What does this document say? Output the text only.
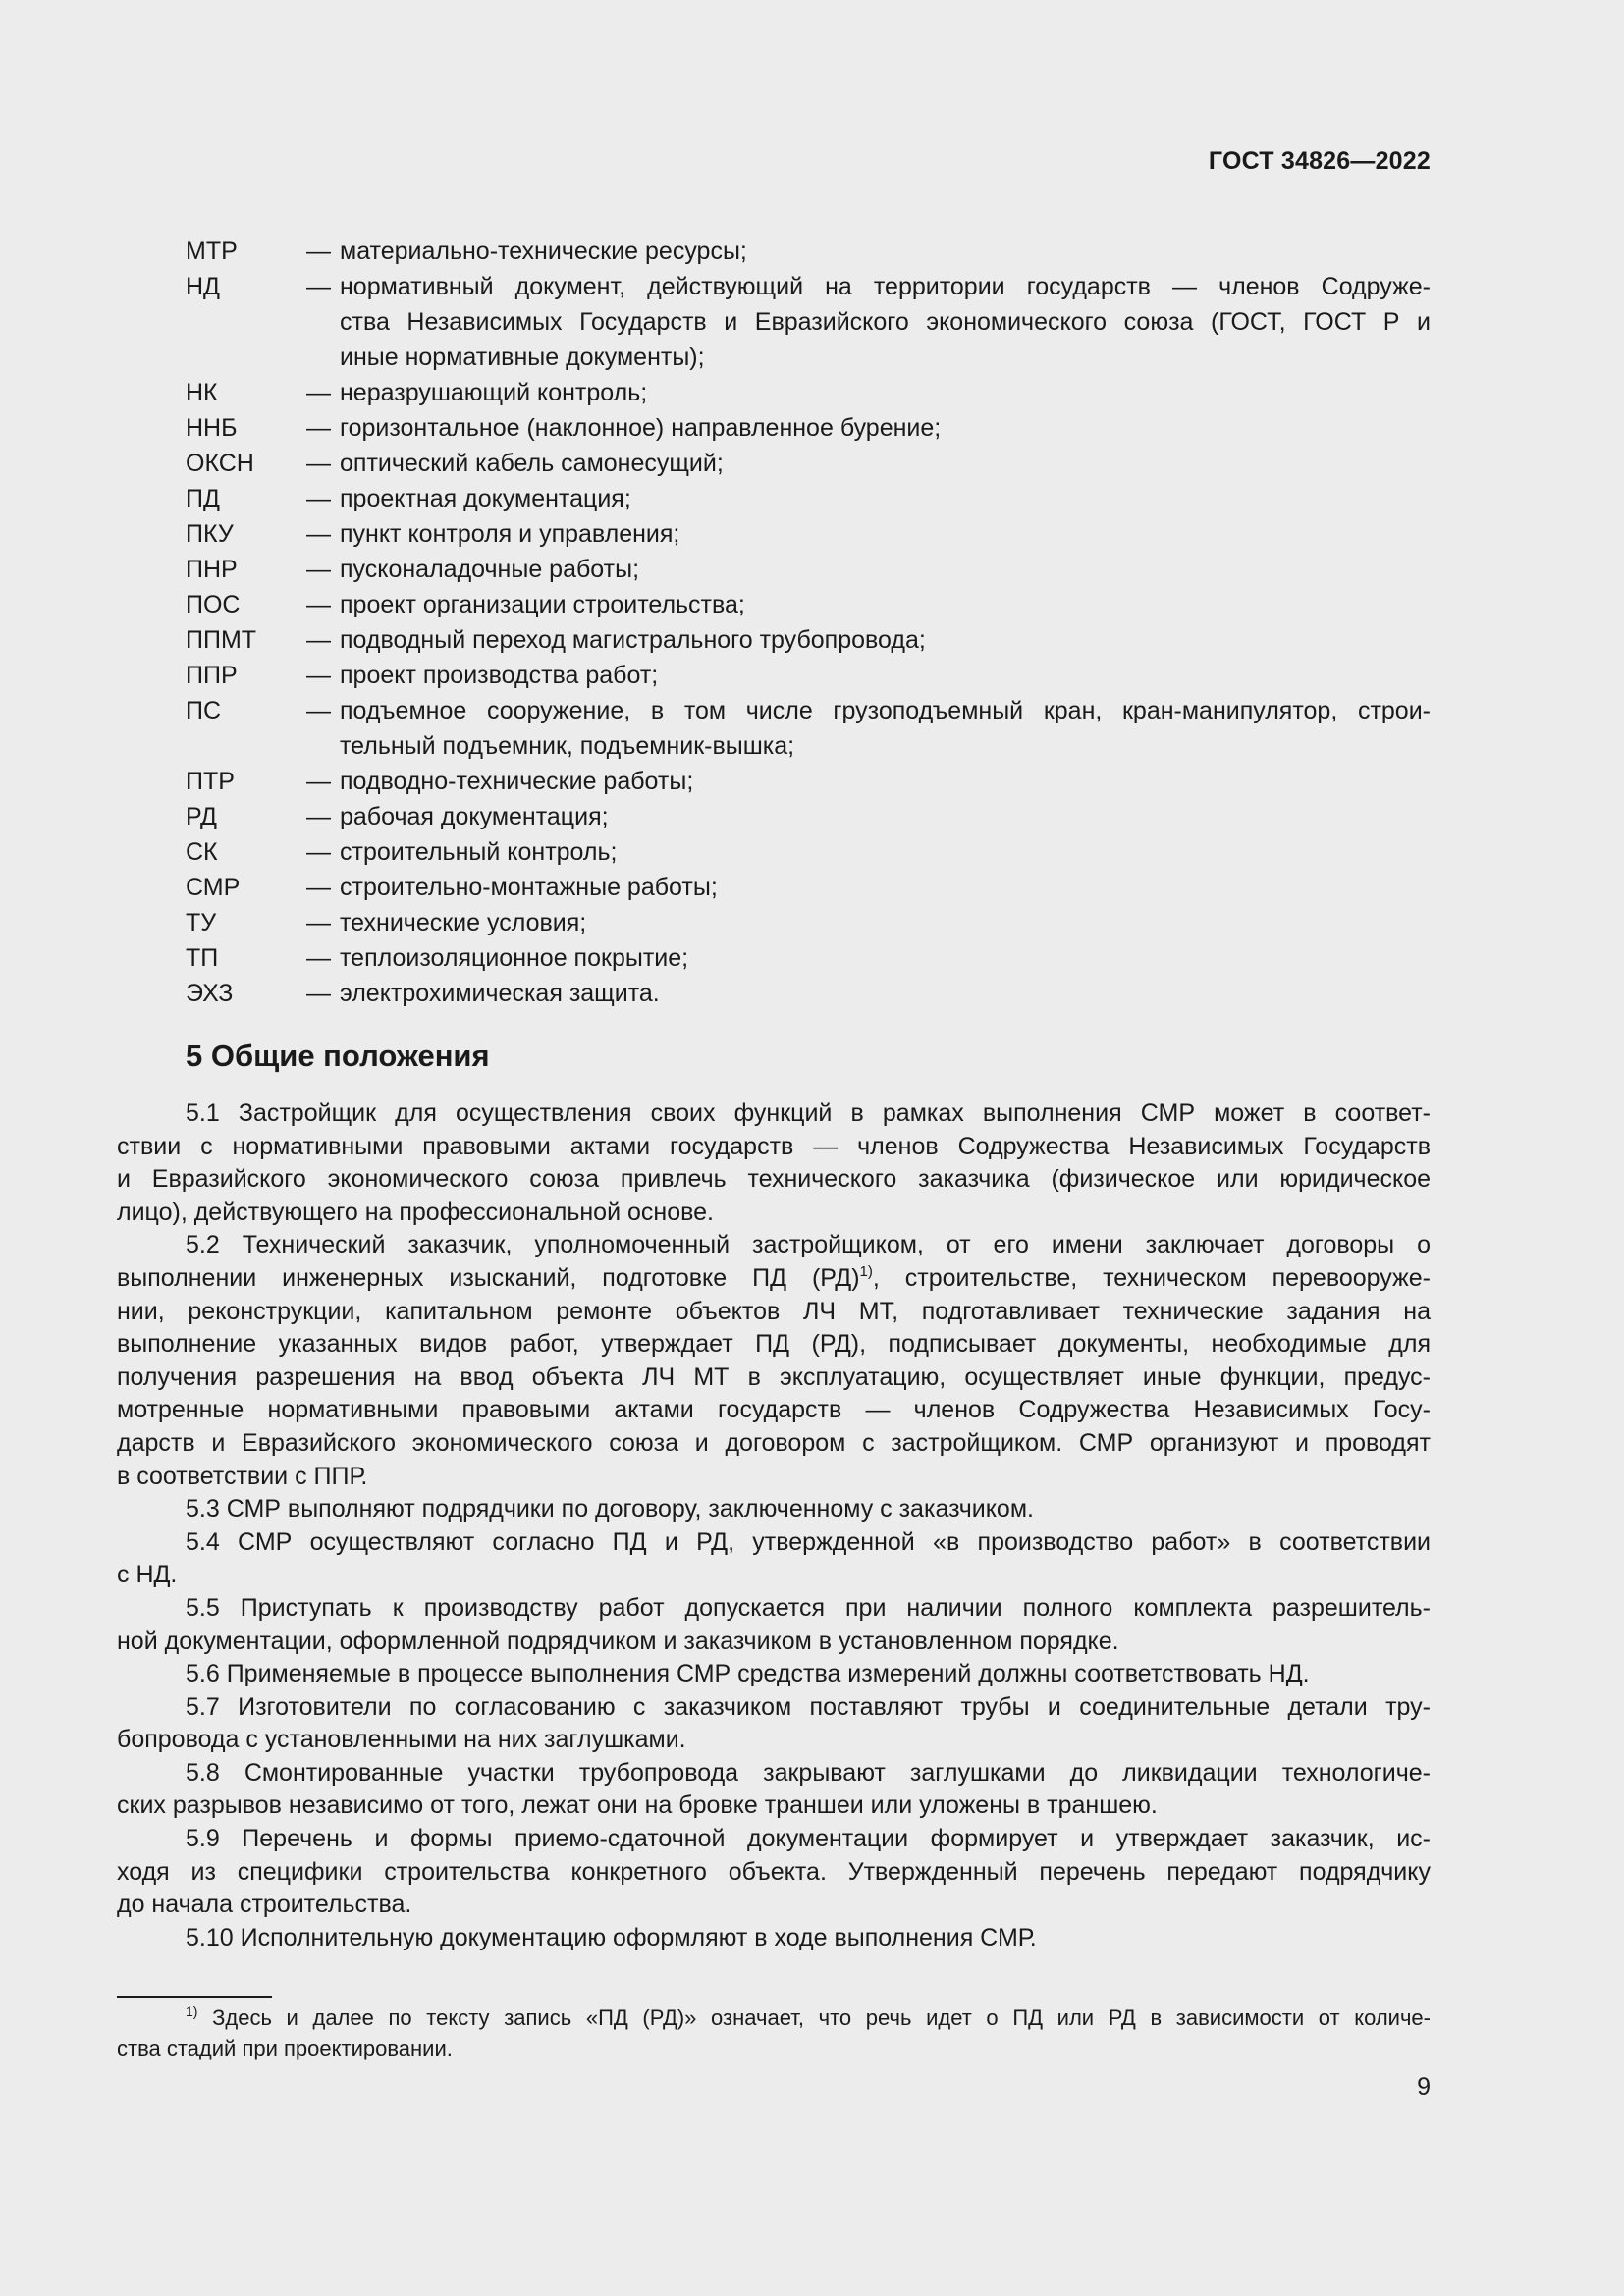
ГОСТ 34826—2022
МТР	— материально-технические ресурсы;
НД	— нормативный документ, действующий на территории государств — членов Содруже-
ства Независимых Государств и Евразийского экономического союза (ГОСТ, ГОСТ Р и
иные нормативные документы);
НК	— неразрушающий контроль;
ННБ	— горизонтальное (наклонное) направленное бурение;
ОКСН	— оптический кабель самонесущий;
ПД	— проектная документация;
ПКУ	— пункт контроля и управления;
ПНР	— пусконаладочные работы;
ПОС	— проект организации строительства;
ППМТ	— подводный переход магистрального трубопровода;
ППР	— проект производства работ;
ПС	— подъемное сооружение, в том числе грузоподъемный кран, кран-манипулятор, строи-
тельный подъемник, подъемник-вышка;
ПТР	— подводно-технические работы;
РД	— рабочая документация;
СК	— строительный контроль;
СМР	— строительно-монтажные работы;
ТУ	— технические условия;
ТП	— теплоизоляционное покрытие;
ЭХЗ	— электрохимическая защита.
5 Общие положения
5.1 Застройщик для осуществления своих функций в рамках выполнения СМР может в соответ-
ствии с нормативными правовыми актами государств — членов Содружества Независимых Государств
и Евразийского экономического союза привлечь технического заказчика (физическое или юридическое
лицо), действующего на профессиональной основе.
5.2 Технический заказчик, уполномоченный застройщиком, от его имени заключает договоры о
выполнении инженерных изысканий, подготовке ПД (РД)$^{1)}$, строительстве, техническом перевооруже-
нии, реконструкции, капитальном ремонте объектов ЛЧ МТ, подготавливает технические задания на
выполнение указанных видов работ, утверждает ПД (РД), подписывает документы, необходимые для
получения разрешения на ввод объекта ЛЧ МТ в эксплуатацию, осуществляет иные функции, предус-
мотренные нормативными правовыми актами государств — членов Содружества Независимых Госу-
дарств и Евразийского экономического союза и договором с застройщиком. СМР организуют и проводят
в соответствии с ППР.
5.3 СМР выполняют подрядчики по договору, заключенному с заказчиком.
5.4 СМР осуществляют согласно ПД и РД, утвержденной «в производство работ» в соответствии
с НД.
5.5 Приступать к производству работ допускается при наличии полного комплекта разрешитель-
ной документации, оформленной подрядчиком и заказчиком в установленном порядке.
5.6 Применяемые в процессе выполнения СМР средства измерений должны соответствовать НД.
5.7 Изготовители по согласованию с заказчиком поставляют трубы и соединительные детали тру-
бопровода с установленными на них заглушками.
5.8 Смонтированные участки трубопровода закрывают заглушками до ликвидации технологиче-
ских разрывов независимо от того, лежат они на бровке траншеи или уложены в траншею.
5.9 Перечень и формы приемо-сдаточной документации формирует и утверждает заказчик, ис-
ходя из специфики строительства конкретного объекта. Утвержденный перечень передают подрядчику
до начала строительства.
5.10 Исполнительную документацию оформляют в ходе выполнения СМР.
$^{1)}$ Здесь и далее по тексту запись «ПД (РД)» означает, что речь идет о ПД или РД в зависимости от количе-
ства стадий при проектировании.
9
